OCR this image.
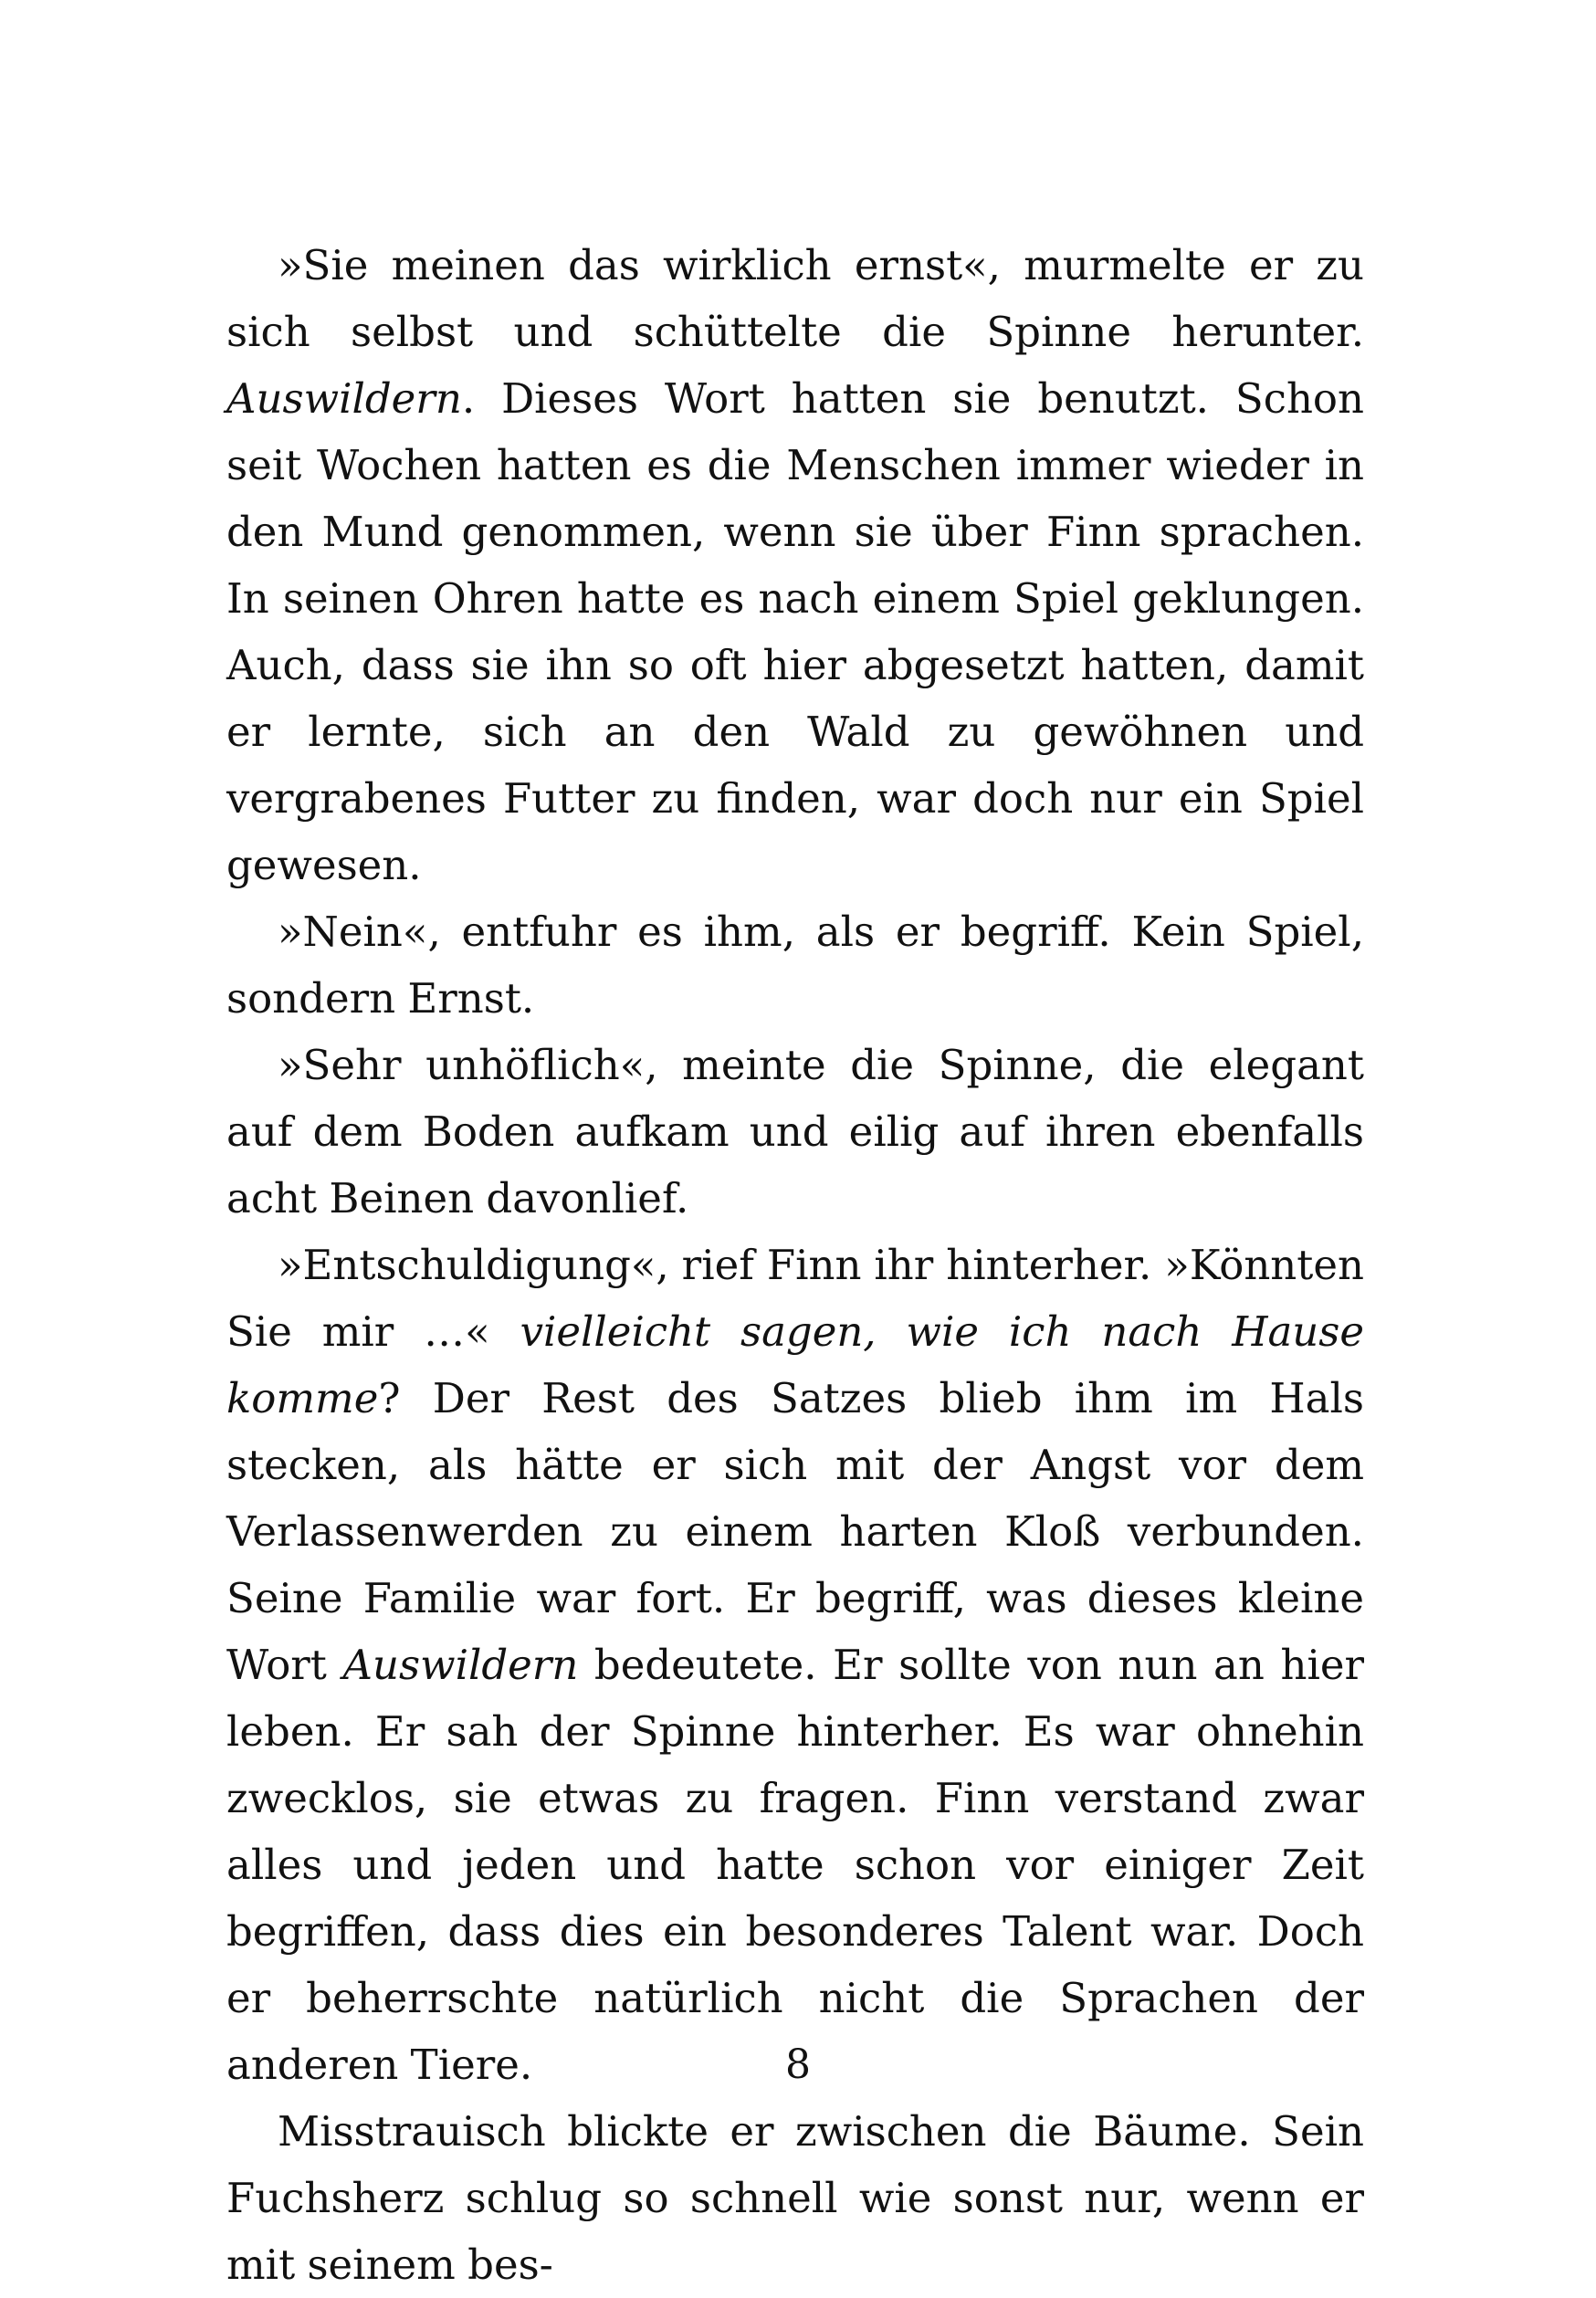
»Sie meinen das wirklich ernst«, murmelte er zu sich selbst und schüttelte die Spinne herunter. Auswildern. Dieses Wort hatten sie benutzt. Schon seit Wochen hatten es die Menschen immer wieder in den Mund genommen, wenn sie über Finn sprachen. In seinen Ohren hatte es nach einem Spiel geklungen. Auch, dass sie ihn so oft hier abgesetzt hatten, damit er lernte, sich an den Wald zu gewöhnen und vergrabenes Futter zu finden, war doch nur ein Spiel gewesen.

»Nein«, entfuhr es ihm, als er begriff. Kein Spiel, sondern Ernst.

»Sehr unhöflich«, meinte die Spinne, die elegant auf dem Boden aufkam und eilig auf ihren ebenfalls acht Beinen davonlief.

»Entschuldigung«, rief Finn ihr hinterher. »Könnten Sie mir …« vielleicht sagen, wie ich nach Hause komme? Der Rest des Satzes blieb ihm im Hals stecken, als hätte er sich mit der Angst vor dem Verlassenwerden zu einem harten Kloß verbunden. Seine Familie war fort. Er begriff, was dieses kleine Wort Auswildern bedeutete. Er sollte von nun an hier leben. Er sah der Spinne hinterher. Es war ohnehin zwecklos, sie etwas zu fragen. Finn verstand zwar alles und jeden und hatte schon vor einiger Zeit begriffen, dass dies ein besonderes Talent war. Doch er beherrschte natürlich nicht die Sprachen der anderen Tiere.

Misstrauisch blickte er zwischen die Bäume. Sein Fuchsherz schlug so schnell wie sonst nur, wenn er mit seinem bes-

8
